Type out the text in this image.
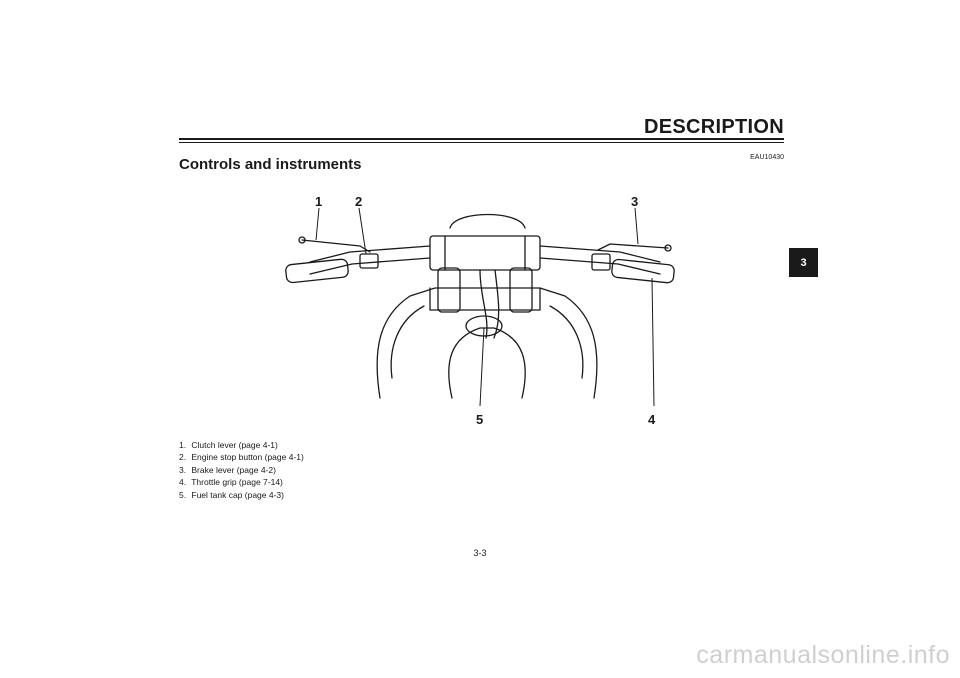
DESCRIPTION
Controls and instruments	EAU10430
3
1	2	3
4
5
1. Clutch lever (page 4-1)
2. Engine stop button (page 4-1)
3. Brake lever (page 4-2)
4. Throttle grip (page 7-14)
5. Fuel tank cap (page 4-3)
3-3
carmanualsonline.info
